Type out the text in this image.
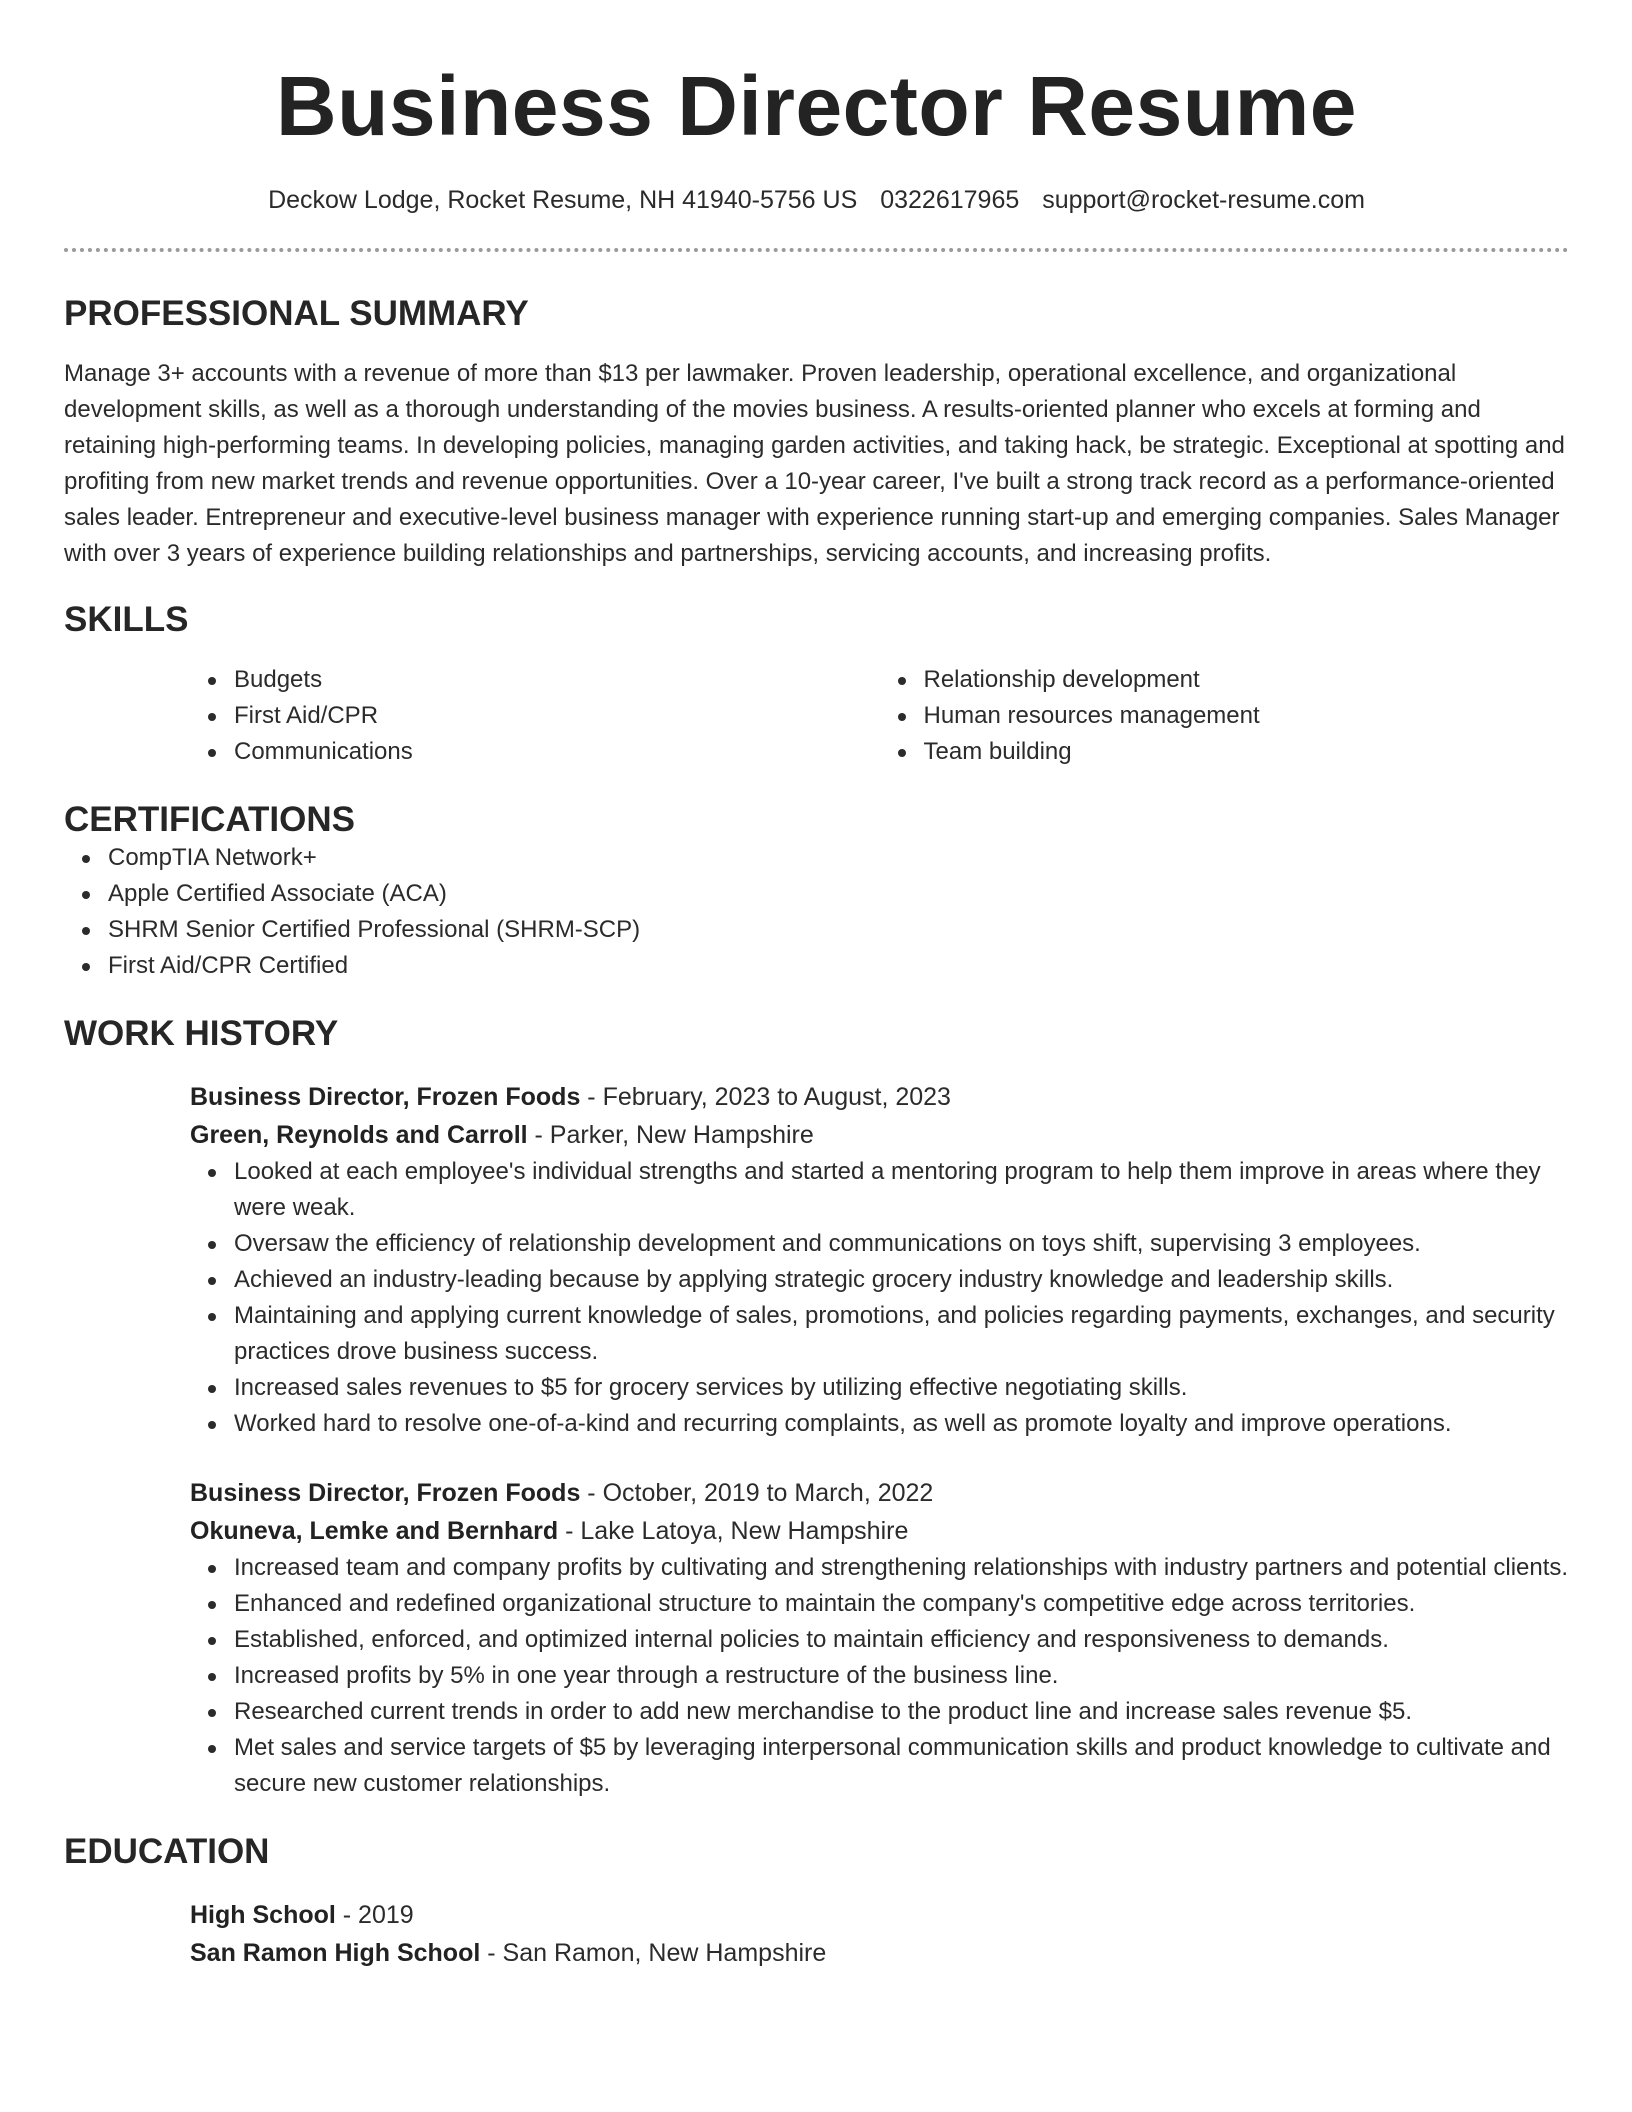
Business Director Resume
Deckow Lodge, Rocket Resume, NH 41940-5756 US 0322617965 support@rocket-resume.com
PROFESSIONAL SUMMARY

Manage 3+ accounts with a revenue of more than $13 per lawmaker. Proven leadership, operational excellence, and organizational development skills, as well as a thorough understanding of the movies business. A results-oriented planner who excels at forming and retaining high-performing teams. In developing policies, managing garden activities, and taking hack, be strategic. Exceptional at spotting and profiting from new market trends and revenue opportunities. Over a 10-year career, I've built a strong track record as a performance-oriented sales leader. Entrepreneur and executive-level business manager with experience running start-up and emerging companies. Sales Manager with over 3 years of experience building relationships and partnerships, servicing accounts, and increasing profits.

SKILLS
Budgets
First Aid/CPR
Communications
Relationship development
Human resources management
Team building
CERTIFICATIONS
CompTIA Network+
Apple Certified Associate (ACA)
SHRM Senior Certified Professional (SHRM-SCP)
First Aid/CPR Certified
WORK HISTORY
Business Director, Frozen Foods - February, 2023 to August, 2023
Green, Reynolds and Carroll - Parker, New Hampshire
Looked at each employee's individual strengths and started a mentoring program to help them improve in areas where they were weak.
Oversaw the efficiency of relationship development and communications on toys shift, supervising 3 employees.
Achieved an industry-leading because by applying strategic grocery industry knowledge and leadership skills.
Maintaining and applying current knowledge of sales, promotions, and policies regarding payments, exchanges, and security practices drove business success.
Increased sales revenues to $5 for grocery services by utilizing effective negotiating skills.
Worked hard to resolve one-of-a-kind and recurring complaints, as well as promote loyalty and improve operations.
Business Director, Frozen Foods - October, 2019 to March, 2022
Okuneva, Lemke and Bernhard - Lake Latoya, New Hampshire
Increased team and company profits by cultivating and strengthening relationships with industry partners and potential clients.
Enhanced and redefined organizational structure to maintain the company's competitive edge across territories.
Established, enforced, and optimized internal policies to maintain efficiency and responsiveness to demands.
Increased profits by 5% in one year through a restructure of the business line.
Researched current trends in order to add new merchandise to the product line and increase sales revenue $5.
Met sales and service targets of $5 by leveraging interpersonal communication skills and product knowledge to cultivate and secure new customer relationships.
EDUCATION
High School - 2019
San Ramon High School - San Ramon, New Hampshire
